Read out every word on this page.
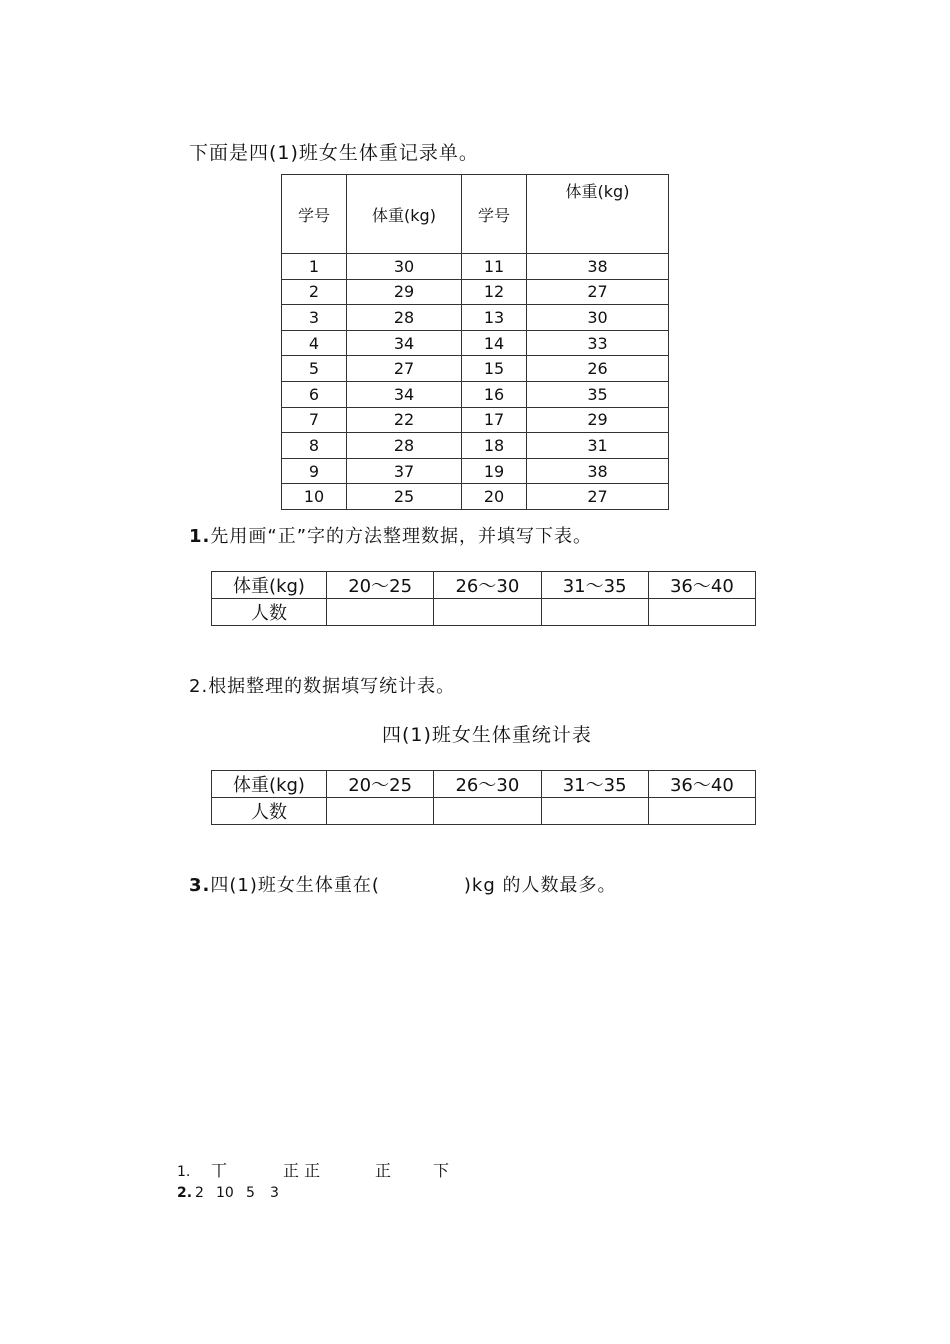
下面是四(1)班女生体重记录单。
学号	体重(kg)	学号	体重(kg)
1	30	11	38
2	29	12	27
3	28	13	30
4	34	14	33
5	27	15	26
6	34	16	35
7	22	17	29
8	28	18	31
9	37	19	38
10	25	20	27
1.先用画“正”字的方法整理数据，并填写下表。
体重(kg)	20～25	26～30	31～35	36～40
人数				
2.根据整理的数据填写统计表。
四(1)班女生体重统计表
体重(kg)	20～25	26～30	31～35	36～40
人数				
3.四(1)班女生体重在(	)kg 的人数最多。
1. 丅	正 正	正	下
2. 2 10 5 3
